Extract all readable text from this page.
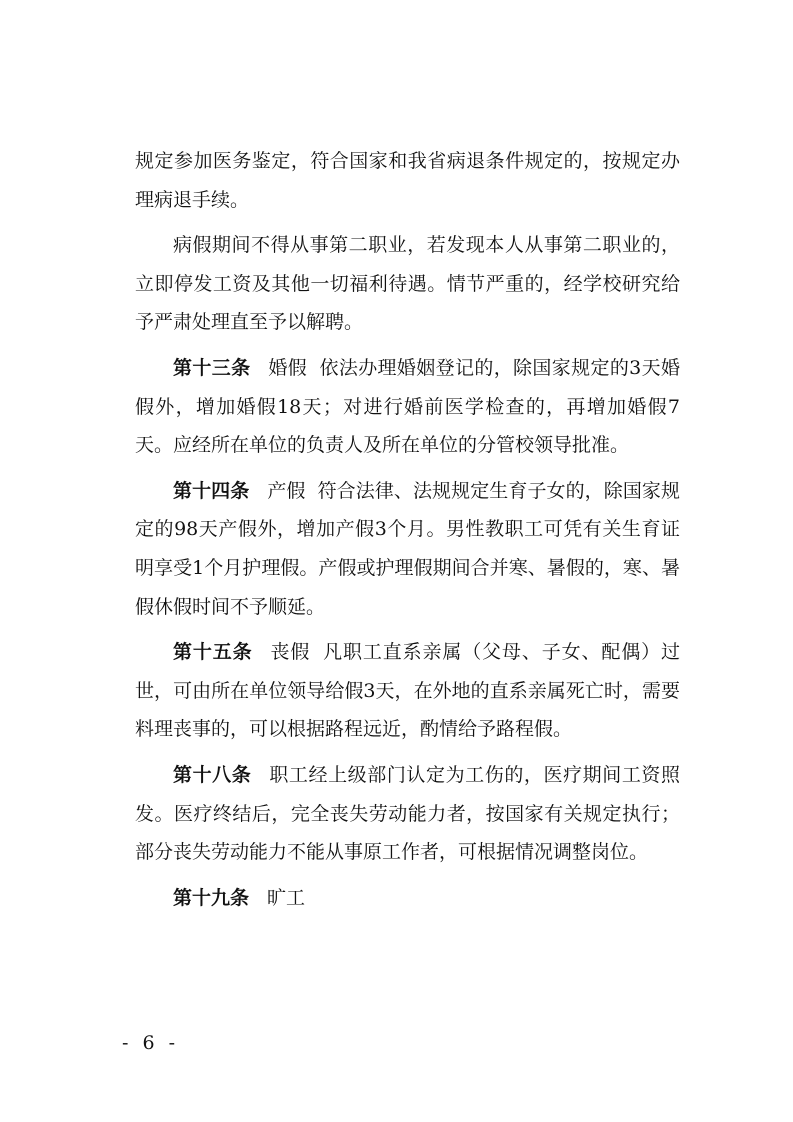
规定参加医务鉴定，符合国家和我省病退条件规定的，按规定办理病退手续。

病假期间不得从事第二职业，若发现本人从事第二职业的，立即停发工资及其他一切福利待遇。情节严重的，经学校研究给予严肃处理直至予以解聘。

第十三条 婚假 依法办理婚姻登记的，除国家规定的3天婚假外，增加婚假18天；对进行婚前医学检查的，再增加婚假7天。应经所在单位的负责人及所在单位的分管校领导批准。

第十四条 产假 符合法律、法规规定生育子女的，除国家规定的98天产假外，增加产假3个月。男性教职工可凭有关生育证明享受1个月护理假。产假或护理假期间合并寒、暑假的，寒、暑假休假时间不予顺延。

第十五条 丧假 凡职工直系亲属（父母、子女、配偶）过世，可由所在单位领导给假3天，在外地的直系亲属死亡时，需要料理丧事的，可以根据路程远近，酌情给予路程假。

第十八条 职工经上级部门认定为工伤的，医疗期间工资照发。医疗终结后，完全丧失劳动能力者，按国家有关规定执行；部分丧失劳动能力不能从事原工作者，可根据情况调整岗位。

第十九条 旷工

- 6 -
